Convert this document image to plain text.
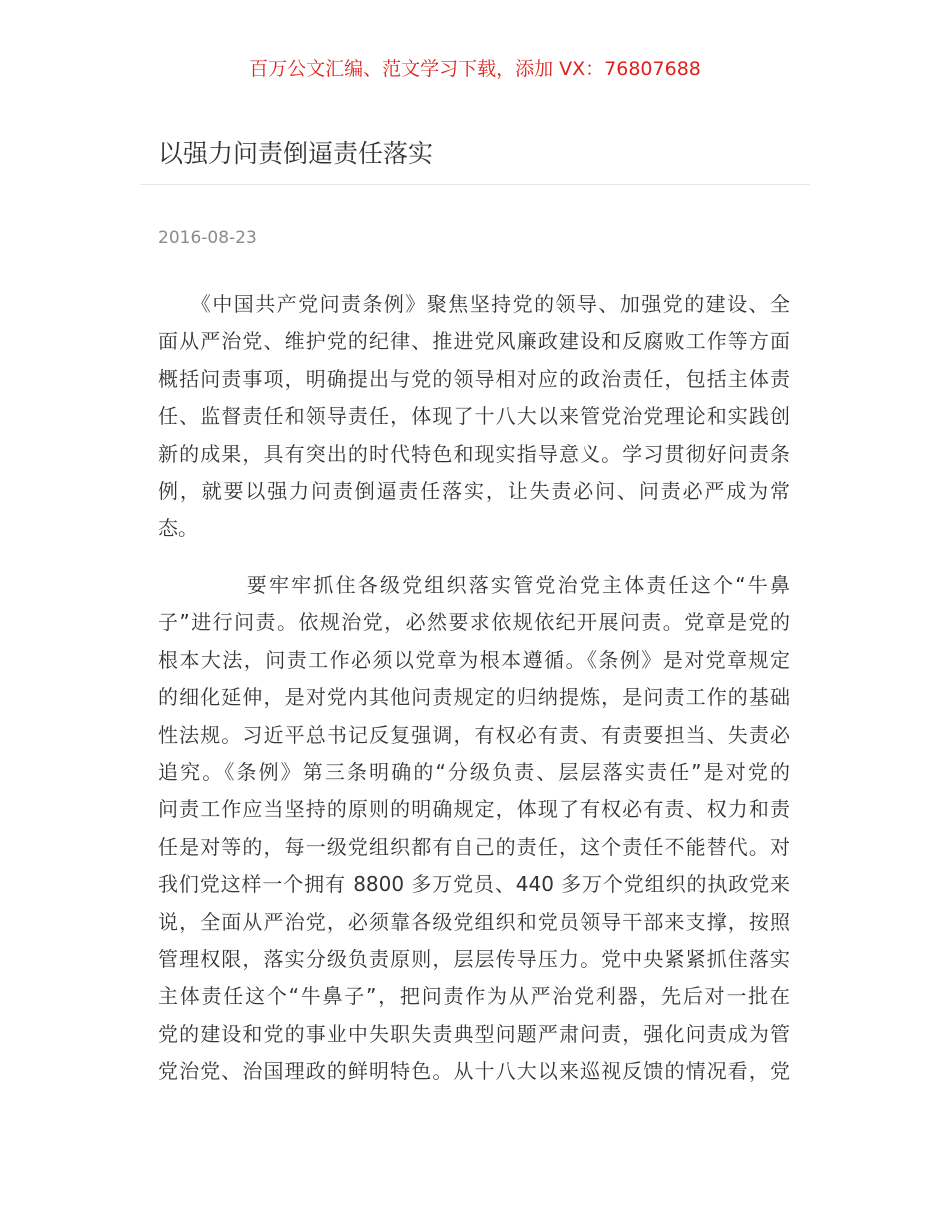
百万公文汇编、范文学习下载，添加 VX：76807688
以强力问责倒逼责任落实
2016-08-23
　　《中国共产党问责条例》聚焦坚持党的领导、加强党的建设、全
面从严治党、维护党的纪律、推进党风廉政建设和反腐败工作等方面
概括问责事项，明确提出与党的领导相对应的政治责任，包括主体责
任、监督责任和领导责任，体现了十八大以来管党治党理论和实践创
新的成果，具有突出的时代特色和现实指导意义。学习贯彻好问责条
例，就要以强力问责倒逼责任落实，让失责必问、问责必严成为常
态。
　　　　要牢牢抓住各级党组织落实管党治党主体责任这个“牛鼻
子”进行问责。依规治党，必然要求依规依纪开展问责。党章是党的
根本大法，问责工作必须以党章为根本遵循。《条例》是对党章规定
的细化延伸，是对党内其他问责规定的归纳提炼，是问责工作的基础
性法规。习近平总书记反复强调，有权必有责、有责要担当、失责必
追究。《条例》第三条明确的“分级负责、层层落实责任”是对党的
问责工作应当坚持的原则的明确规定，体现了有权必有责、权力和责
任是对等的，每一级党组织都有自己的责任，这个责任不能替代。对
我们党这样一个拥有 8800 多万党员、440 多万个党组织的执政党来
说，全面从严治党，必须靠各级党组织和党员领导干部来支撑，按照
管理权限，落实分级负责原则，层层传导压力。党中央紧紧抓住落实
主体责任这个“牛鼻子”，把问责作为从严治党利器，先后对一批在
党的建设和党的事业中失职失责典型问题严肃问责，强化问责成为管
党治党、治国理政的鲜明特色。从十八大以来巡视反馈的情况看，党
